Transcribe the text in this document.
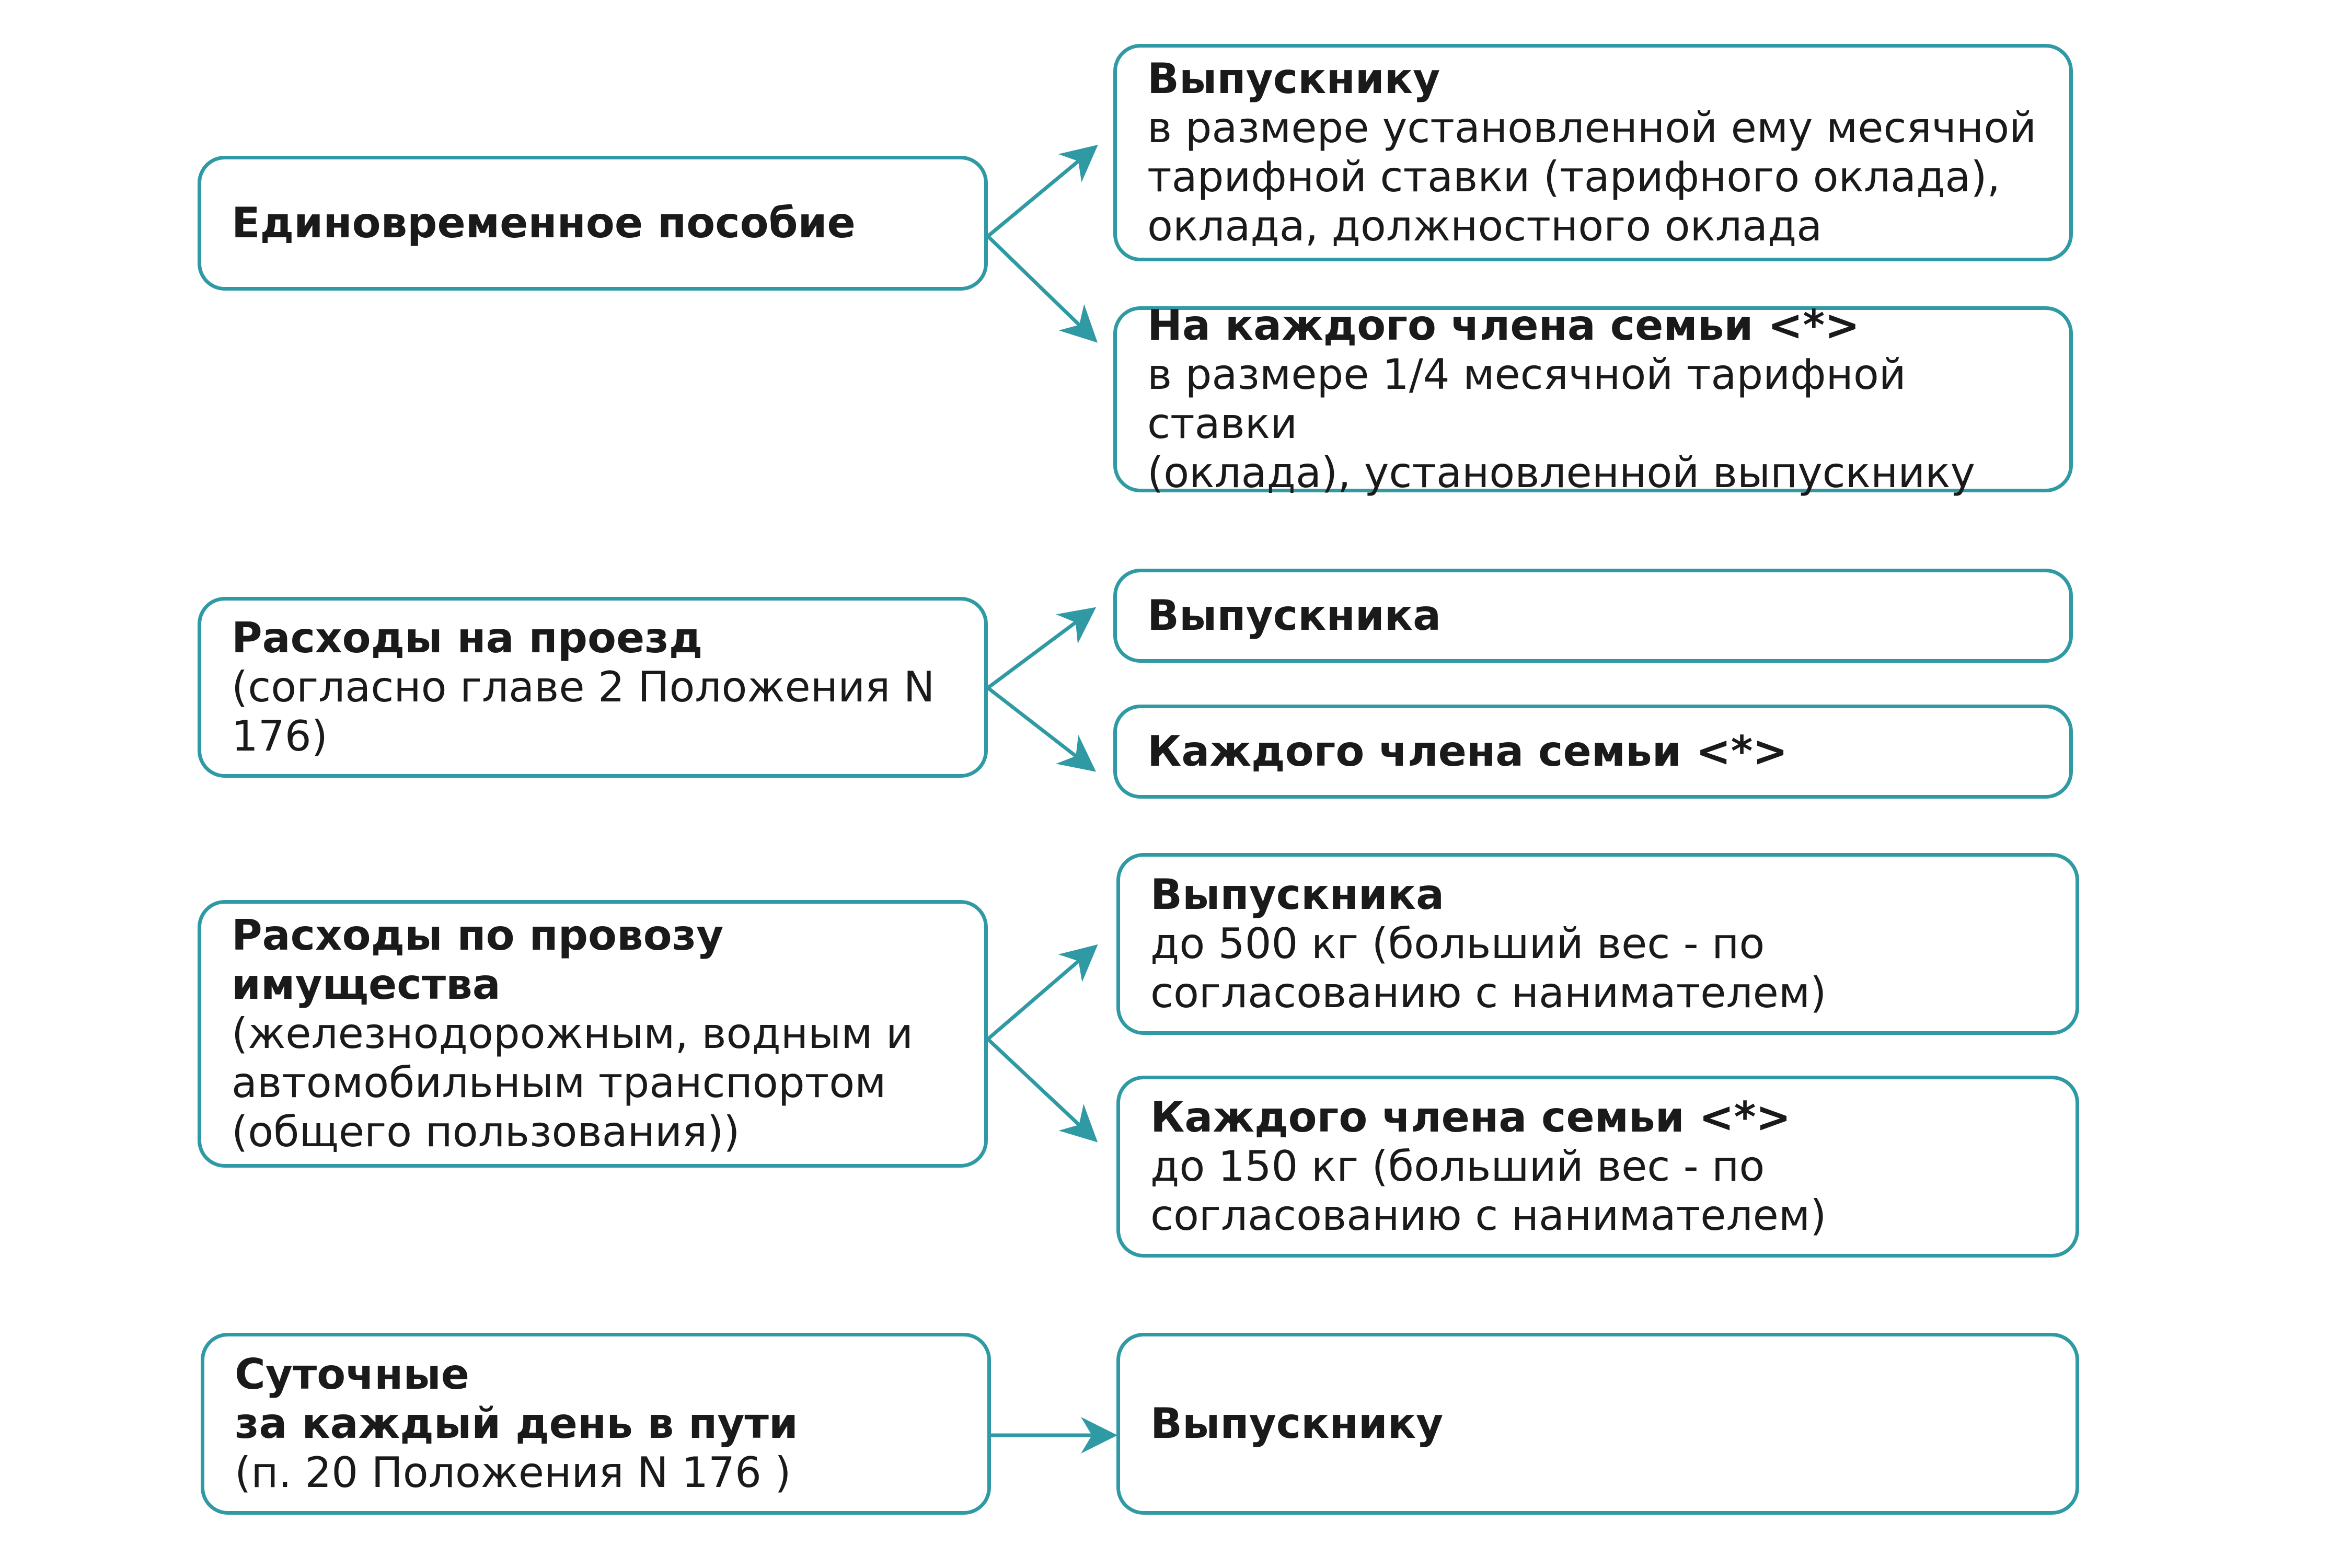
Единовременное пособие
Выпускнику
в размере установленной ему месячной
тарифной ставки (тарифного оклада),
оклада, должностного оклада
На каждого члена семьи <*>
в размере 1/4 месячной тарифной ставки
(оклада), установленной выпускнику
Расходы на проезд
(согласно главе 2 Положения N
176)
Выпускника
Каждого члена семьи <*>
Расходы по провозу
имущества
(железнодорожным, водным и
автомобильным транспортом
(общего пользования))
Выпускника
до 500 кг (больший вес - по
согласованию с нанимателем)
Каждого члена семьи <*>
до 150 кг (больший вес - по
согласованию с нанимателем)
Суточные
за каждый день в пути
(п. 20 Положения N 176 )
Выпускнику
